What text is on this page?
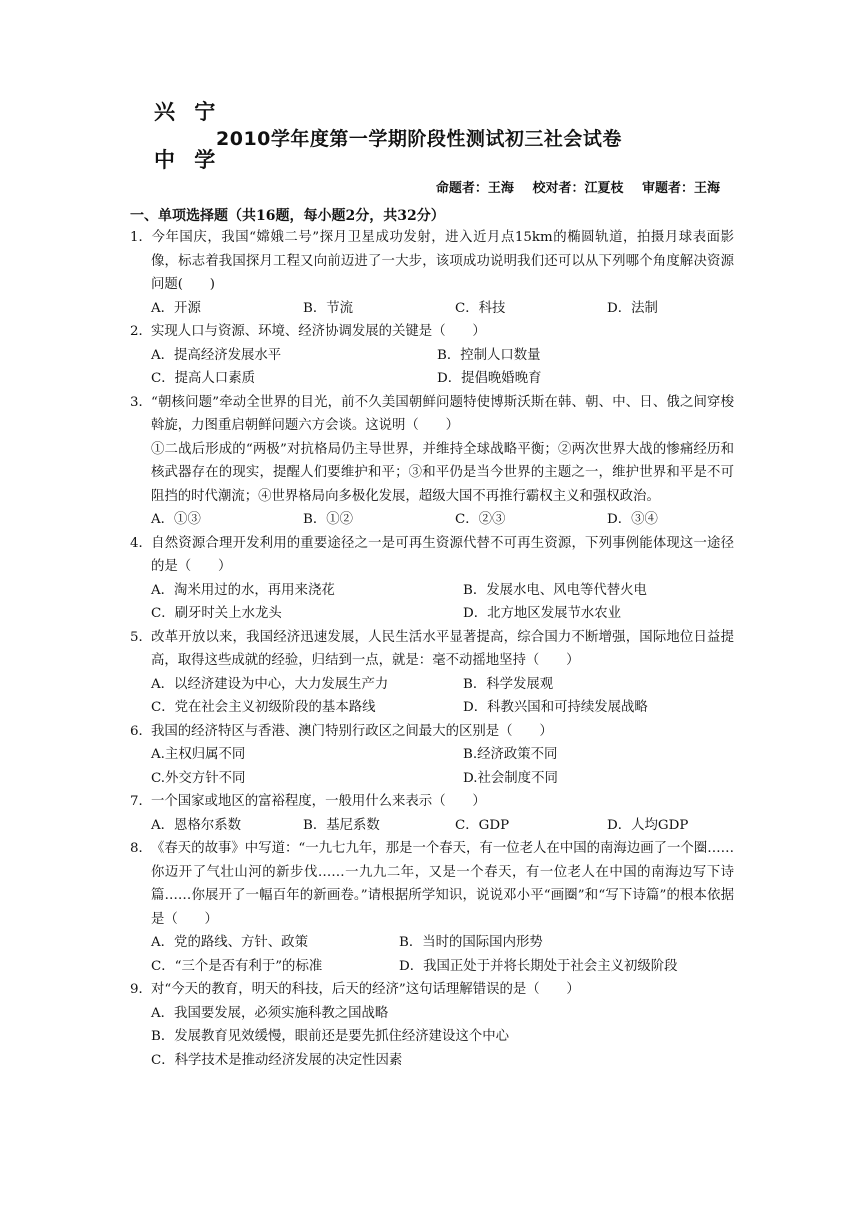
兴 宁
中 学
2010学年度第一学期阶段性测试初三社会试卷
命题者：王海 校对者：江夏枝 审题者：王海
一、单项选择题（共16题，每小题2分，共32分）
1．今年国庆，我国“嫦娥二号”探月卫星成功发射，进入近月点15km的椭圆轨道，拍摄月球表面影像，标志着我国探月工程又向前迈进了一大步，该项成功说明我们还可以从下列哪个角度解决资源问题(　　)
A．开源	B．节流	C．科技	D．法制
2．实现人口与资源、环境、经济协调发展的关键是（　　）
A．提高经济发展水平	B．控制人口数量
C．提高人口素质	D．提倡晚婚晚育
3．“朝核问题”牵动全世界的目光，前不久美国朝鲜问题特使博斯沃斯在韩、朝、中、日、俄之间穿梭斡旋，力图重启朝鲜问题六方会谈。这说明（　　）
①二战后形成的“两极”对抗格局仍主导世界，并维持全球战略平衡；②两次世界大战的惨痛经历和核武器存在的现实，提醒人们要维护和平；③和平仍是当今世界的主题之一，维护世界和平是不可阻挡的时代潮流；④世界格局向多极化发展，超级大国不再推行霸权主义和强权政治。
A．①③	B．①②	C．②③	D．③④
4．自然资源合理开发利用的重要途径之一是可再生资源代替不可再生资源，下列事例能体现这一途径的是（　　）
A．淘米用过的水，再用来浇花	B．发展水电、风电等代替火电
C．刷牙时关上水龙头	D．北方地区发展节水农业
5．改革开放以来，我国经济迅速发展，人民生活水平显著提高，综合国力不断增强，国际地位日益提高，取得这些成就的经验，归结到一点，就是：毫不动摇地坚持（　　）
A．以经济建设为中心，大力发展生产力	B．科学发展观
C．党在社会主义初级阶段的基本路线	D．科教兴国和可持续发展战略
6．我国的经济特区与香港、澳门特别行政区之间最大的区别是（　　）
A.主权归属不同	B.经济政策不同
C.外交方针不同	D.社会制度不同
7．一个国家或地区的富裕程度，一般用什么来表示（　　）
A．恩格尔系数	B．基尼系数	C．GDP	D．人均GDP
8．《春天的故事》中写道：“一九七九年，那是一个春天，有一位老人在中国的南海边画了一个圈……你迈开了气壮山河的新步伐……一九九二年，又是一个春天，有一位老人在中国的南海边写下诗篇……你展开了一幅百年的新画卷。”请根据所学知识，说说邓小平“画圈”和“写下诗篇”的根本依据是（　　）
A．党的路线、方针、政策	B．当时的国际国内形势
C．“三个是否有利于”的标准	D．我国正处于并将长期处于社会主义初级阶段
9．对“今天的教育，明天的科技，后天的经济”这句话理解错误的是（　　）
A．我国要发展，必须实施科教之国战略
B．发展教育见效缓慢，眼前还是要先抓住经济建设这个中心
C．科学技术是推动经济发展的决定性因素
